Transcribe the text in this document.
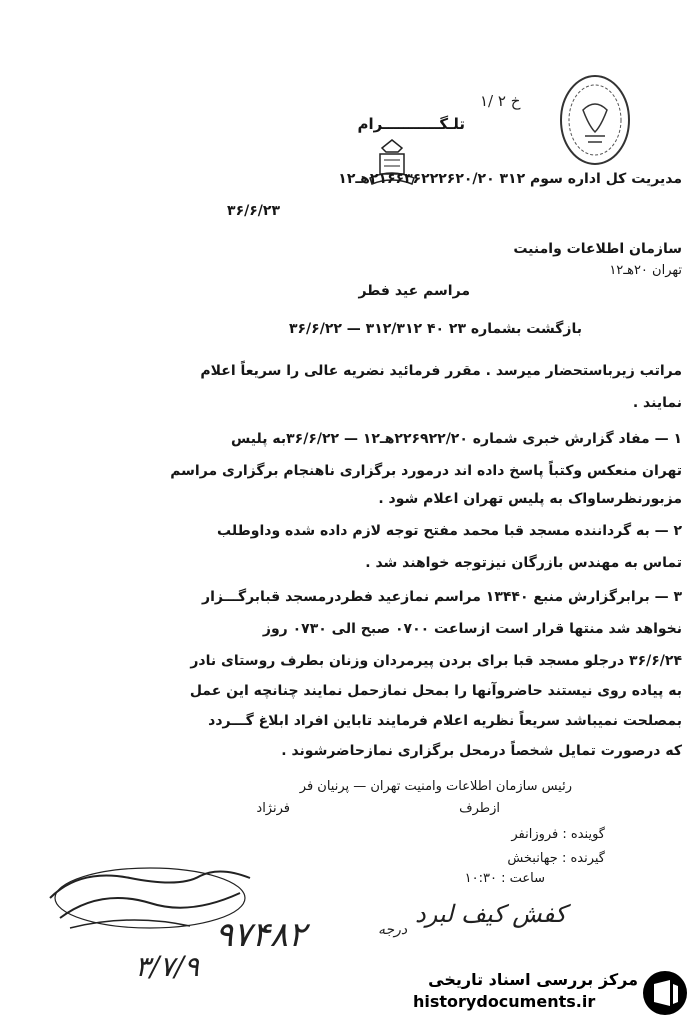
۱/ ۲ خ
تلـگـــــــــــرام
مدیریت کل اداره سوم ۳۱۲ ۲۱۶۶۳۶۲۲۲۶۲۰/۲۰هـ۱۲
۳۶/۶/۲۳
سازمان اطلاعات وامنیت
تهران ۲۰هـ۱۲
مراسم عید فطر
بازگشت بشماره ۲۳ ۴۰ ۳۱۲/۳۱۲ — ۳۶/۶/۲۲
مراتب زیرباستحضار میرسد . مقرر فرمائید نضریه عالی را سریعاً اعلام
نمایند .
۱ — مفاد گزارش خبری شماره ۲۲۶۹۲۲/۲۰هـ۱۲ — ۳۶/۶/۲۲به پلیس
تهران منعکس وکتباً پاسخ داده اند درمورد برگزاری ناهنجام برگزاری مراسم
مزبورنظرساواک به پلیس تهران اعلام شود .
۲ — به گرداننده مسجد قبا محمد مفتح توجه لازم داده شده وداوطلب
تماس به مهندس بازرگان نیزتوجه خواهند شد .
۳ — برابرگزارش منبع ۱۳۴۴۰ مراسم نمازعید فطردرمسجد قبابرگـــزار
نخواهد شد منتها قرار است ازساعت ۰۷۰۰ صبح الی ۰۷۳۰ روز
۳۶/۶/۲۴ درجلو مسجد قبا برای بردن پیرمردان وزنان بطرف روستای نادر
به پیاده روی نیستند حاضروآنها را بمحل نمازحمل نمایند چنانچه این عمل
بمصلحت نمیباشد سریعاً نظریه اعلام فرمایند تاباین افراد ابلاغ گـــردد
که درصورت تمایل شخصاً درمحل برگزاری نمازحاضرشوند .
رئیس سازمان اطلاعات وامنیت تهران — پرنیان فر
فرنژاد	ازطرف
گوینده : فروزانفر
گیرنده : جهانبخش
ساعت : ۱۰:۳۰
۹۷۴۸۲
کفش کیف لبرد
درجه
۳/۷/۹	مرکز بررسی اسناد تاریخی
historydocuments.ir
